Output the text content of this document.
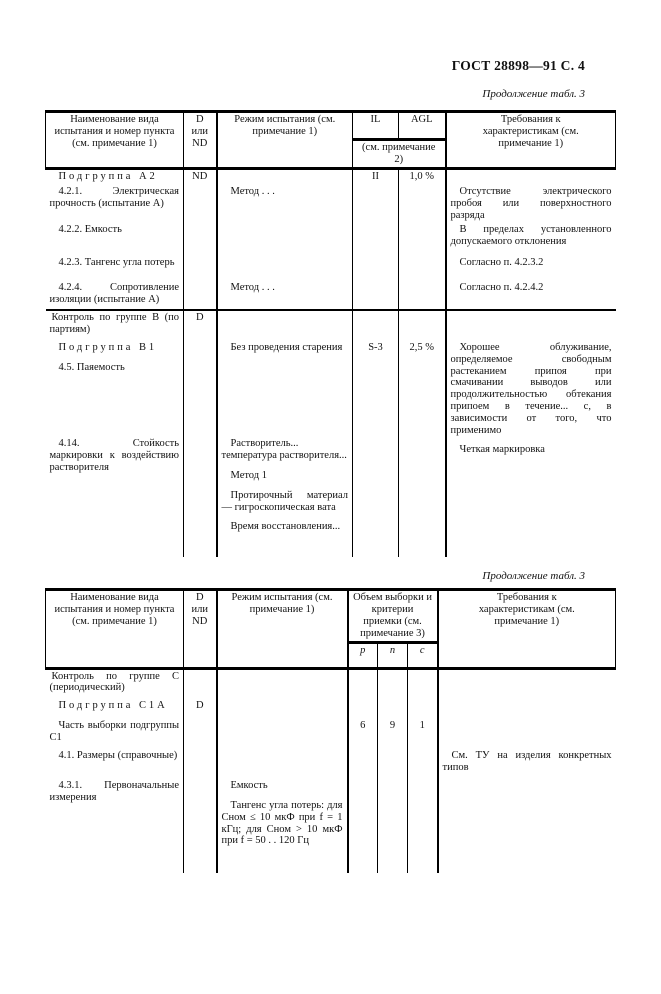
ГОСТ 28898—91 С. 4
Продолжение табл. 3
Наименование вида испытания и номер пункта (см. примечание 1)	D или ND	Режим испытания (см. примечание 1)	IL	AGL	Требования к характеристикам (см. примечание 1)
			(см. примечание 2)		

Подгруппа А2	ND		II	1,0 %	

4.2.1. Электрическая прочность (испытание А)		Метод . . .			Отсутствие электрического пробоя или поверхностного разряда

4.2.2. Емкость					В пределах установленного допускаемого отклонения

4.2.3. Тангенс угла потерь					Согласно п. 4.2.3.2

4.2.4. Сопротивление изоляции (испытание А)		Метод . . .			Согласно п. 4.2.4.2

Контроль по группе В (по партиям)	D				

Подгруппа В1

4.5. Паяемость		Без проведения старения	S-3	2,5 %	Хорошее облуживание, определяемое свободным растеканием припоя при смачивании выводов или продолжительностью обтекания припоем в течение... с, в зависимости от того, что применимо

4.14. Стойкость маркировки к воздействию растворителя		Растворитель... температура растворителя...

Метод 1

Протирочный материал — гигроскопическая вата

Время восстановления...			Четкая маркировка

Продолжение табл. 3
Наименование вида испытания и номер пункта (см. примечание 1)	D или ND	Режим испытания (см. примечание 1)	Объем выборки и критерии приемки (см. примечание 3)			Требования к характеристикам (см. примечание 1)
			p	n	c	

Контроль по группе С (периодический)						

Подгруппа С1А	D					

Часть выборки подгруппы С1			6	9	1	

4.1. Размеры (справочные)						См. ТУ на изделия конкретных типов

4.3.1. Первоначальные измерения		Емкость

Тангенс угла потерь: для Сном ≤ 10 мкФ при f = 1 кГц; для Сном > 10 мкФ при f = 50 . . 120 Гц				
